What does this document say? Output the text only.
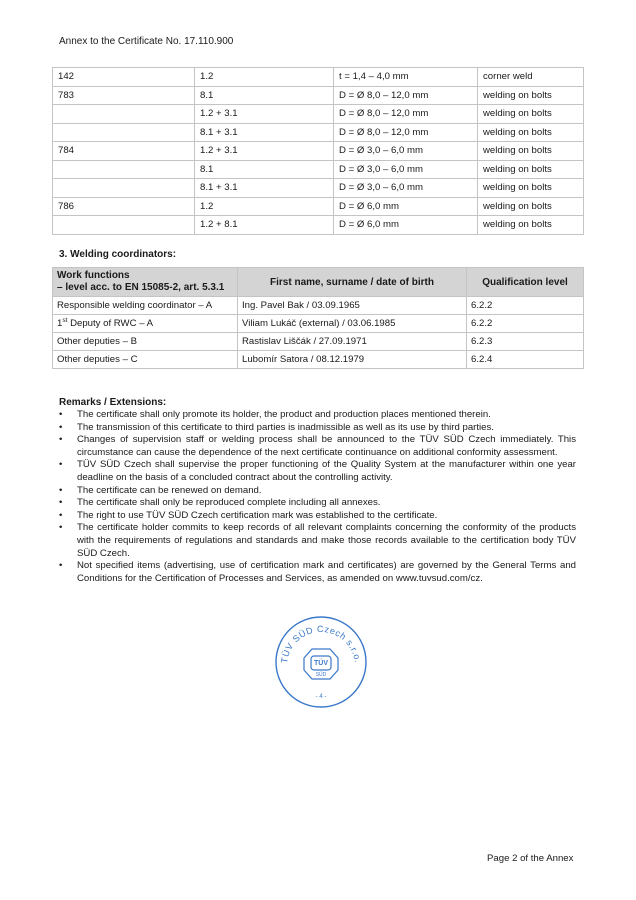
Annex to the Certificate No. 17.110.900
142	1.2	t = 1,4 – 4,0 mm	corner weld
783	8.1	D = Ø 8,0 – 12,0 mm	welding on bolts
	1.2 + 3.1	D = Ø 8,0 – 12,0 mm	welding on bolts
	8.1 + 3.1	D = Ø 8,0 – 12,0 mm	welding on bolts
784	1.2 + 3.1	D = Ø 3,0 – 6,0 mm	welding on bolts
	8.1	D = Ø 3,0 – 6,0 mm	welding on bolts
	8.1 + 3.1	D = Ø 3,0 – 6,0 mm	welding on bolts
786	1.2	D = Ø 6,0 mm	welding on bolts
	1.2 + 8.1	D = Ø 6,0 mm	welding on bolts
3. Welding coordinators:
Work functions
– level acc. to EN 15085-2, art. 5.3.1	First name, surname / date of birth	Qualification level
Responsible welding coordinator – A	Ing. Pavel Bak / 03.09.1965	6.2.2
1st Deputy of RWC – A	Viliam Lukáč (external) / 03.06.1985	6.2.2
Other deputies – B	Rastislav Liščák / 27.09.1971	6.2.3
Other deputies – C	Lubomír Satora / 08.12.1979	6.2.4
Remarks / Extensions:
• The certificate shall only promote its holder, the product and production places mentioned therein.
• The transmission of this certificate to third parties is inadmissible as well as its use by third parties.
• Changes of supervision staff or welding process shall be announced to the TÜV SÜD Czech immediately. This circumstance can cause the dependence of the next certificate continuance on additional conformity assessment.
• TÜV SÜD Czech shall supervise the proper functioning of the Quality System at the manufacturer within one year deadline on the basis of a concluded contract about the controlling activity.
• The certificate can be renewed on demand.
• The certificate shall only be reproduced complete including all annexes.
• The right to use TÜV SÜD Czech certification mark was established to the certificate.
• The certificate holder commits to keep records of all relevant complaints concerning the conformity of the products with the requirements of regulations and standards and make those records available to the certification body TÜV SÜD Czech.
• Not specified items (advertising, use of certification mark and certificates) are governed by the General Terms and Conditions for the Certification of Processes and Services, as amended on www.tuvsud.com/cz.
TÜV SÜD Czech s.r.o.
TÜV
SÜD
- 4 -
Page 2 of the Annex
